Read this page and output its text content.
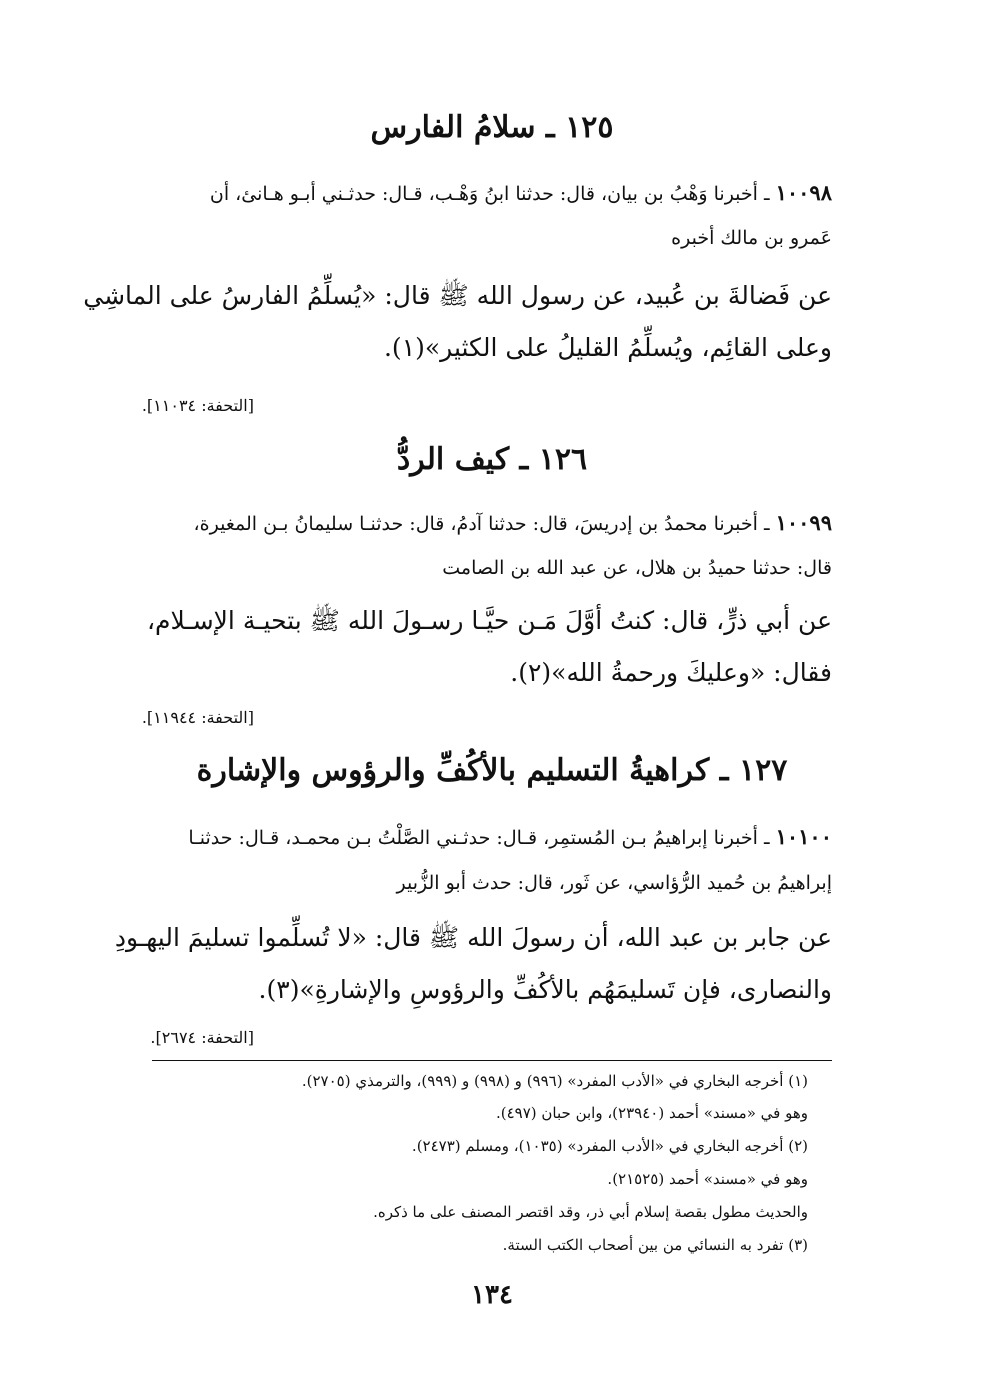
١٢٥ ـ سلامُ الفارس
١٠٠٩٨ ـ أخبرنا وَهْبُ بن بيان، قال: حدثنا ابنُ وَهْـب، قـال: حدثـني أبـو هـانئ، أن
عَمرو بن مالك أخبره
عن فَضالةَ بن عُبيد، عن رسول الله ﷺ قال: «يُسلِّمُ الفارسُ على الماشِي
وعلى القائِم، ويُسلِّمُ القليلُ على الكثير»(١).
[التحفة: ١١٠٣٤].
١٢٦ ـ كيف الردُّ
١٠٠٩٩ ـ أخبرنا محمدُ بن إدريسَ، قال: حدثنا آدمُ، قال: حدثنـا سليمانُ بـن المغيرة،
قال: حدثنا حميدُ بن هلال، عن عبد الله بن الصامت
عن أبي ذرٍّ، قال: كنتُ أوَّلَ مَـن حيَّـا رسـولَ الله ﷺ بتحيـة الإسـلام،
فقال: «وعليكَ ورحمةُ الله»(٢).
[التحفة: ١١٩٤٤].
١٢٧ ـ كراهيةُ التسليم بالأكُفِّ والرؤوس والإشارة
١٠١٠٠ ـ أخبرنا إبراهيمُ بـن المُستمِر، قـال: حدثـني الصَّلْتُ بـن محمـد، قـال: حدثنـا
إبراهيمُ بن حُميد الرُّؤاسي، عن ثَور، قال: حدث أبو الزُّبير
عن جابر بن عبد الله، أن رسولَ الله ﷺ قال: «لا تُسلِّموا تسليمَ اليهـودِ
والنصارى، فإن تَسليمَهُم بالأكُفِّ والرؤوسِ والإشارةِ»(٣).
[التحفة: ٢٦٧٤].
(١) أخرجه البخاري في «الأدب المفرد» (٩٩٦) و (٩٩٨) و (٩٩٩)، والترمذي (٢٧٠٥).
وهو في «مسند» أحمد (٢٣٩٤٠)، وابن حبان (٤٩٧).
(٢) أخرجه البخاري في «الأدب المفرد» (١٠٣٥)، ومسلم (٢٤٧٣).
وهو في «مسند» أحمد (٢١٥٢٥).
والحديث مطول بقصة إسلام أبي ذر، وقد اقتصر المصنف على ما ذكره.
(٣) تفرد به النسائي من بين أصحاب الكتب الستة.
١٣٤
